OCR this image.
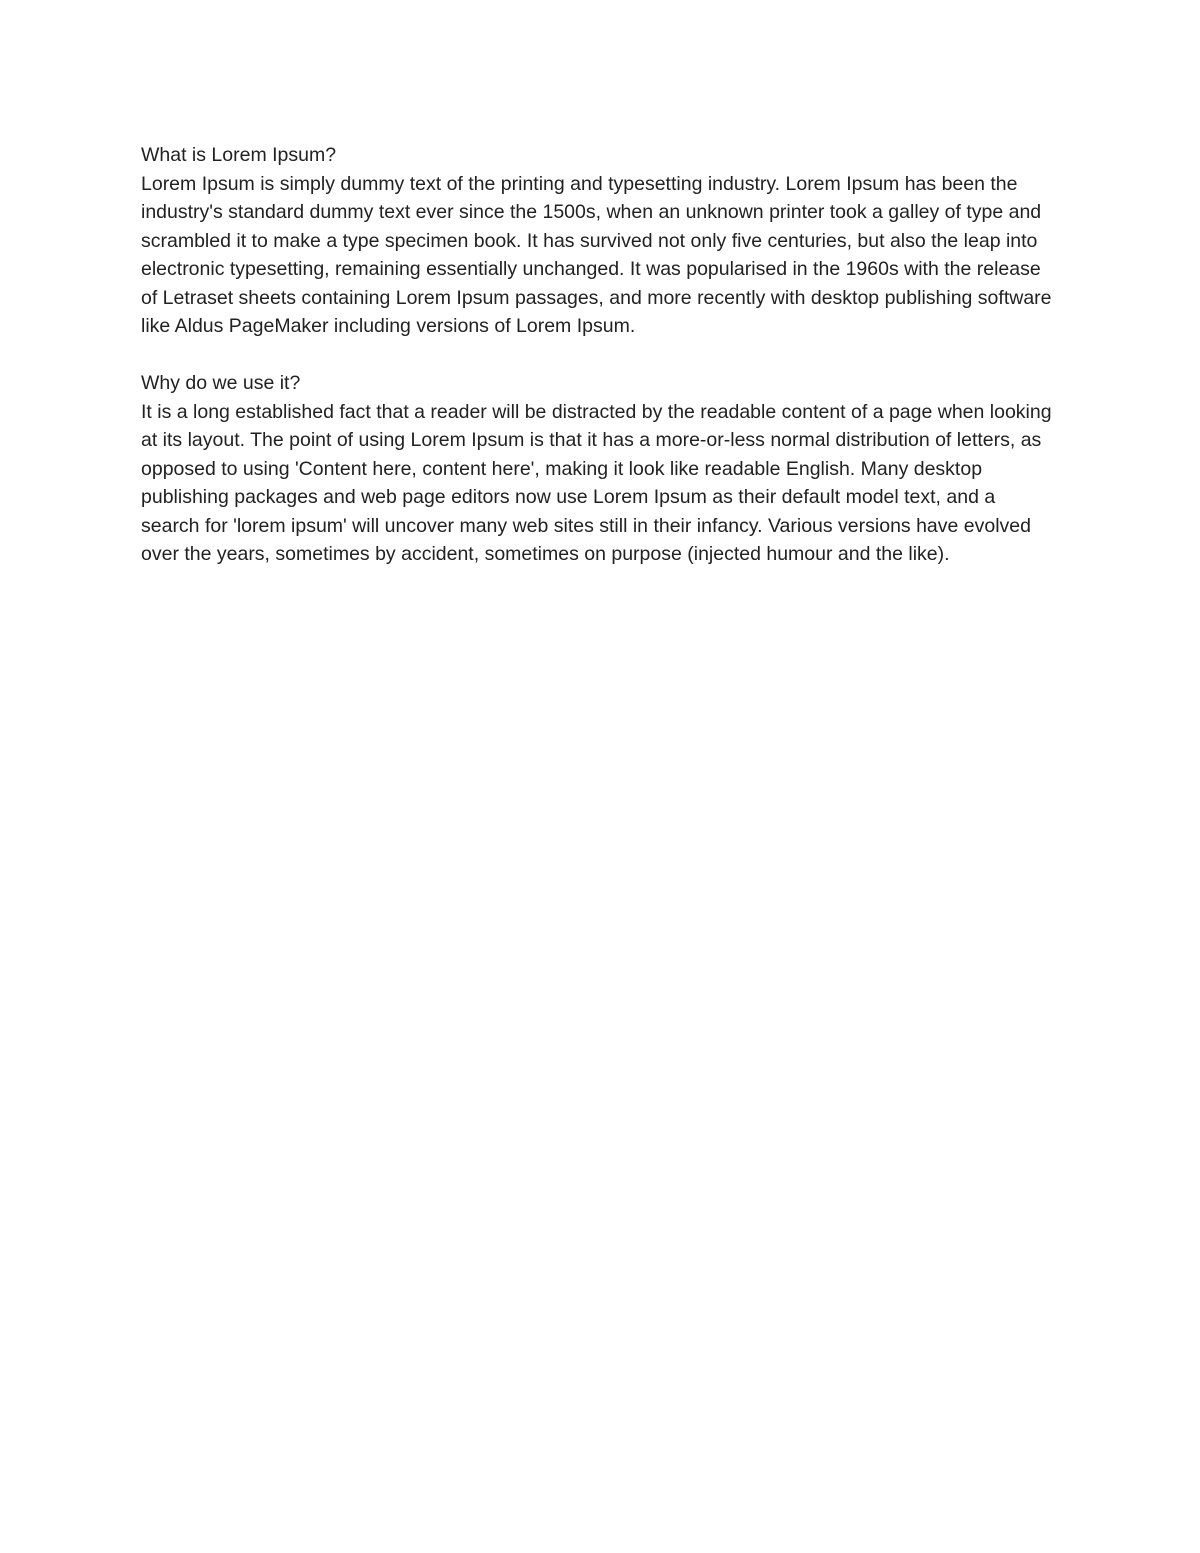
What is Lorem Ipsum?

Lorem Ipsum is simply dummy text of the printing and typesetting industry. Lorem Ipsum has been the industry's standard dummy text ever since the 1500s, when an unknown printer took a galley of type and scrambled it to make a type specimen book. It has survived not only five centuries, but also the leap into electronic typesetting, remaining essentially unchanged. It was popularised in the 1960s with the release of Letraset sheets containing Lorem Ipsum passages, and more recently with desktop publishing software like Aldus PageMaker including versions of Lorem Ipsum.

Why do we use it?

It is a long established fact that a reader will be distracted by the readable content of a page when looking at its layout. The point of using Lorem Ipsum is that it has a more-or-less normal distribution of letters, as opposed to using 'Content here, content here', making it look like readable English. Many desktop publishing packages and web page editors now use Lorem Ipsum as their default model text, and a search for 'lorem ipsum' will uncover many web sites still in their infancy. Various versions have evolved over the years, sometimes by accident, sometimes on purpose (injected humour and the like).
